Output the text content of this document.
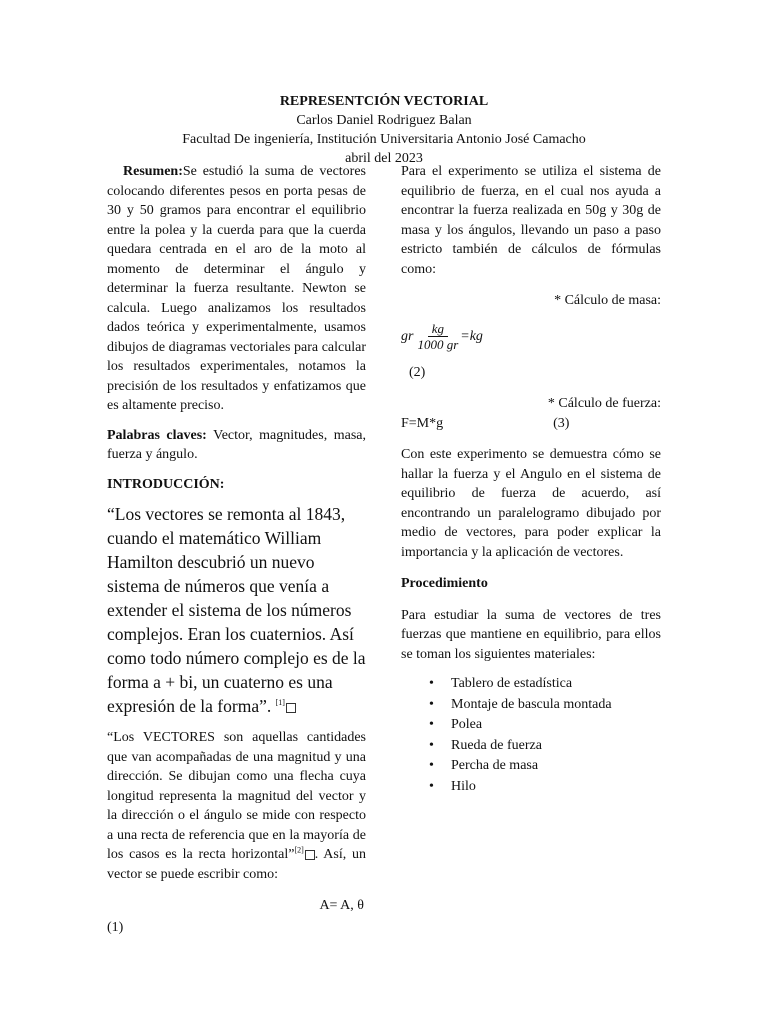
REPRESENTCIÓN VECTORIAL
Carlos Daniel Rodriguez Balan
Facultad De ingeniería, Institución Universitaria Antonio José Camacho
abril del 2023

Resumen:Se estudió la suma de vectores colocando diferentes pesos en porta pesas de 30 y 50 gramos para encontrar el equilibrio entre la polea y la cuerda para que la cuerda quedara centrada en el aro de la moto al momento de determinar el ángulo y determinar la fuerza resultante. Newton se calcula. Luego analizamos los resultados dados teórica y experimentalmente, usamos dibujos de diagramas vectoriales para calcular los resultados experimentales, notamos la precisión de los resultados y enfatizamos que es altamente preciso.

Palabras claves: Vector, magnitudes, masa, fuerza y ángulo.

INTRODUCCIÓN:

“Los vectores se remonta al 1843, cuando el matemático William Hamilton descubrió un nuevo sistema de números que venía a extender el sistema de los números complejos. Eran los cuaternios. Así como todo número complejo es de la forma a + bi, un cuaterno es una expresión de la forma”. [1]

“Los VECTORES son aquellas cantidades que van acompañadas de una magnitud y una dirección. Se dibujan como una flecha cuya longitud representa la magnitud del vector y la dirección o el ángulo se mide con respecto a una recta de referencia que en la mayoría de los casos es la recta horizontal”[2] . Así, un vector se puede escribir como:

A= A, θ

(1)

Para el experimento se utiliza el sistema de equilibrio de fuerza, en el cual nos ayuda a encontrar la fuerza realizada en 50g y 30g de masa y los ángulos, llevando un paso a paso estricto también de cálculos de fórmulas como:

* Cálculo de masa:

gr $\frac{kg}{1000 gr} =kg$

(2)

* Cálculo de fuerza:

F=M*g	(3)

Con este experimento se demuestra cómo se hallar la fuerza y el Angulo en el sistema de equilibrio de fuerza de acuerdo, así encontrando un paralelogramo dibujado por medio de vectores, para poder explicar la importancia y la aplicación de vectores.

Procedimiento

Para estudiar la suma de vectores de tres fuerzas que mantiene en equilibrio, para ellos se toman los siguientes materiales:

• Tablero de estadística
• Montaje de bascula montada
• Polea
• Rueda de fuerza
• Percha de masa
• Hilo
